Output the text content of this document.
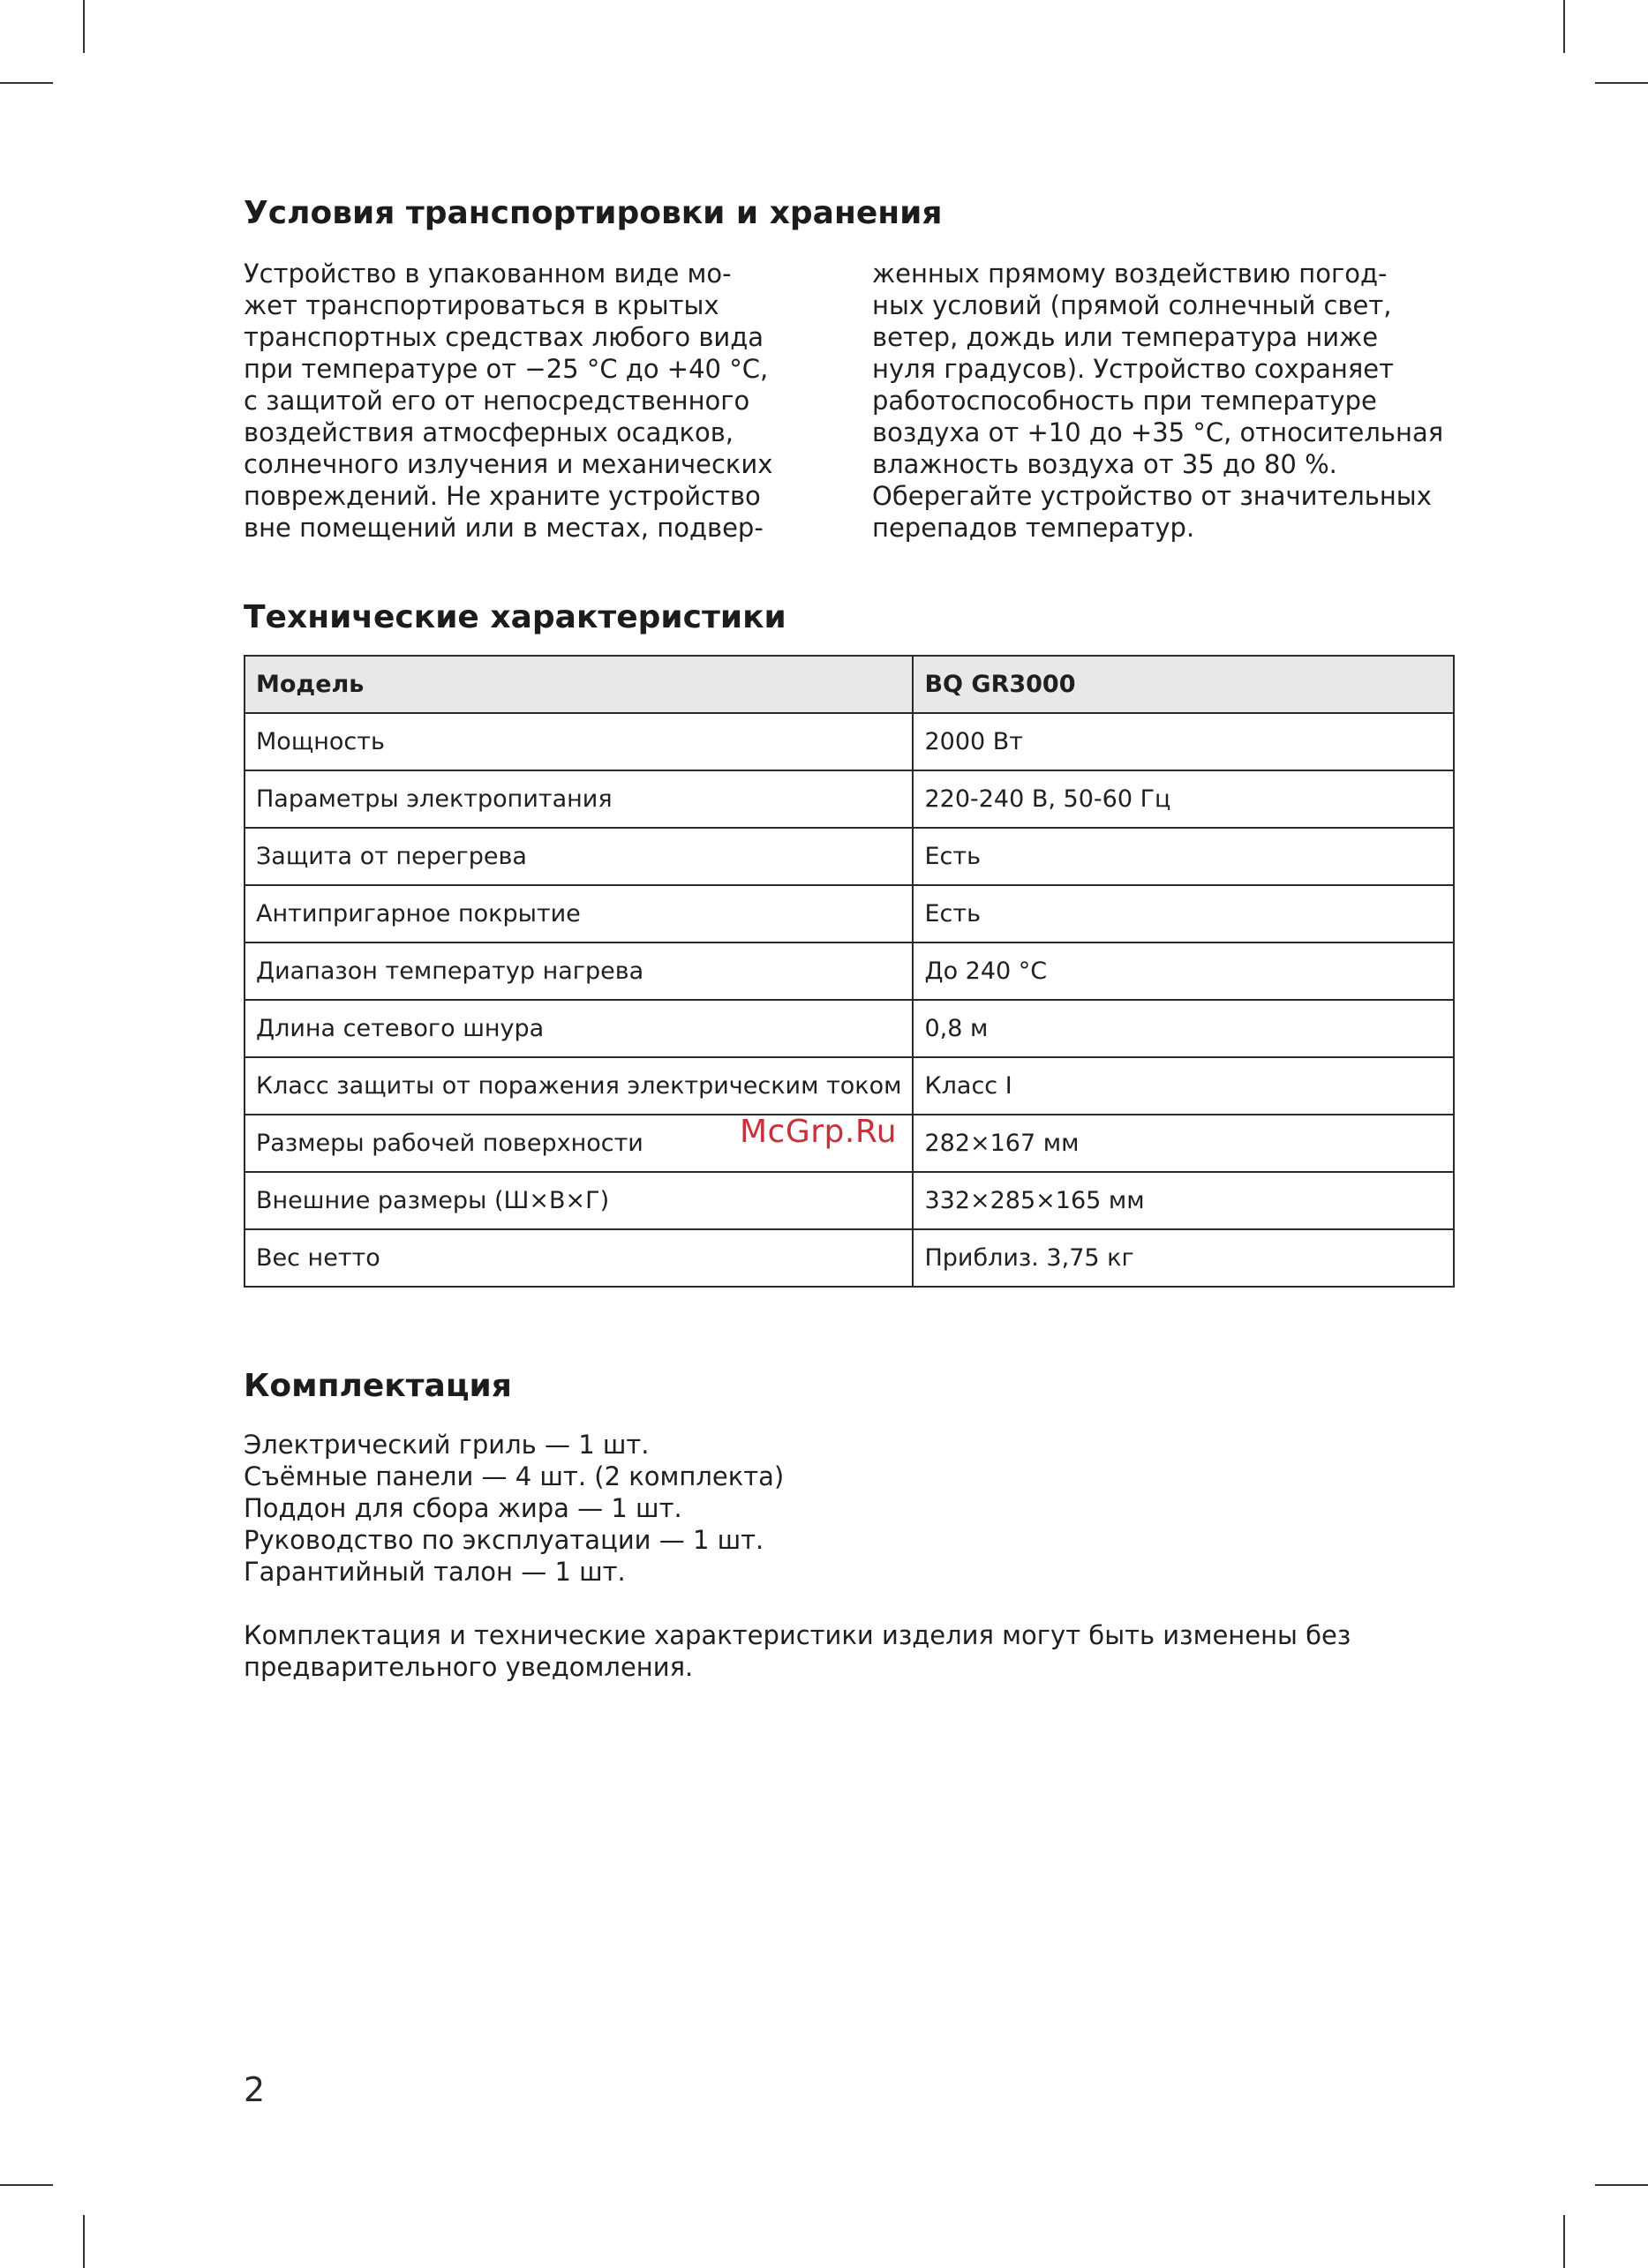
Условия транспортировки и хранения

Устройство в упакованном виде мо-
жет транспортироваться в крытых
транспортных средствах любого вида
при температуре от −25 °C до +40 °C,
с защитой его от непосредственного
воздействия атмосферных осадков,
солнечного излучения и механических
повреждений. Не храните устройство
вне помещений или в местах, подвер-

женных прямому воздействию погод-
ных условий (прямой солнечный свет,
ветер, дождь или температура ниже
нуля градусов). Устройство сохраняет
работоспособность при температуре
воздуха от +10 до +35 °C, относительная
влажность воздуха от 35 до 80 %.
Оберегайте устройство от значительных
перепадов температур.

Технические характеристики
Модель	BQ GR3000
Мощность	2000 Вт
Параметры электропитания	220-240 В, 50-60 Гц
Защита от перегрева	Есть
Антипригарное покрытие	Есть
Диапазон температур нагрева	До 240 °C
Длина сетевого шнура	0,8 м
Класс защиты от поражения электрическим током	Класс I
Размеры рабочей поверхности	282×167 мм
Внешние размеры (Ш×В×Г)	332×285×165 мм
Вес нетто	Приблиз. 3,75 кг
Комплектация

Электрический гриль — 1 шт.

Съёмные панели — 4 шт. (2 комплекта)

Поддон для сбора жира — 1 шт.

Руководство по эксплуатации — 1 шт.

Гарантийный талон — 1 шт.

Комплектация и технические характеристики изделия могут быть изменены без предварительного уведомления.

McGrp.Ru
2
